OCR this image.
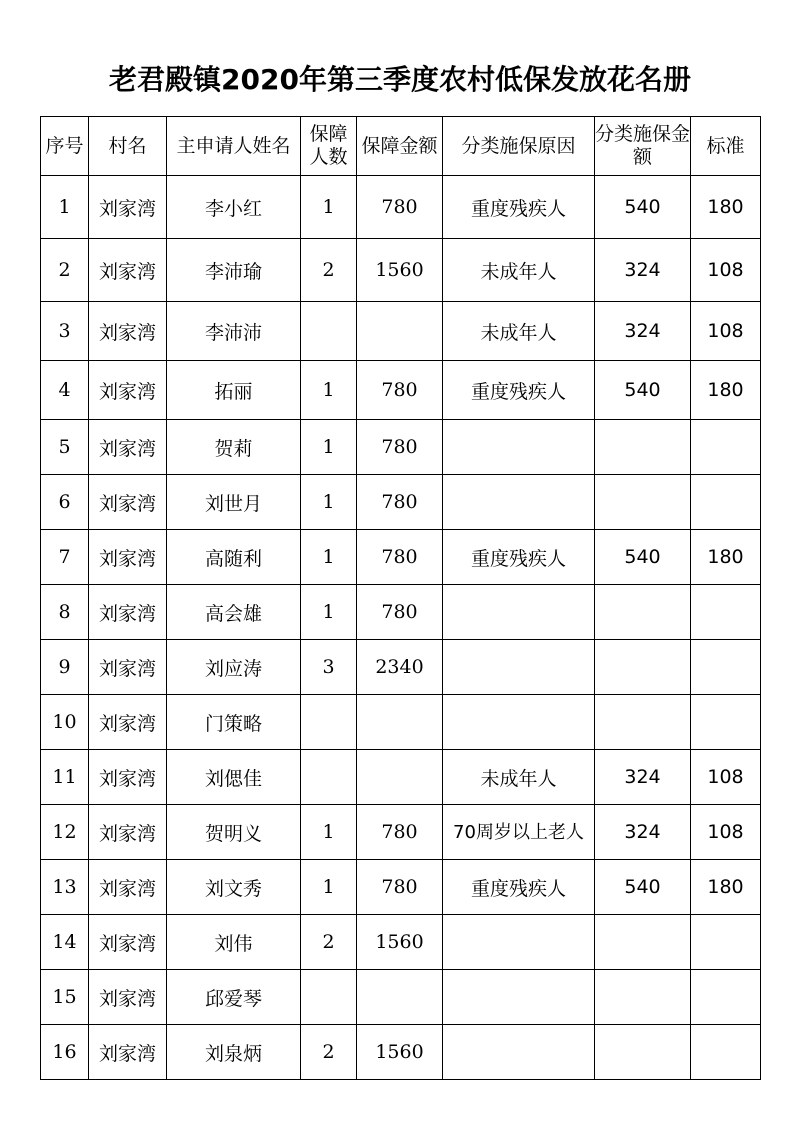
老君殿镇2020年第三季度农村低保发放花名册
序号	村名	主申请人姓名	保障人数	保障金额	分类施保原因	分类施保金额	标准
1	刘家湾	李小红	1	780	重度残疾人	540	180
2	刘家湾	李沛瑜	2	1560	未成年人	324	108
3	刘家湾	李沛沛			未成年人	324	108
4	刘家湾	拓丽	1	780	重度残疾人	540	180
5	刘家湾	贺莉	1	780			
6	刘家湾	刘世月	1	780			
7	刘家湾	高随利	1	780	重度残疾人	540	180
8	刘家湾	高会雄	1	780			
9	刘家湾	刘应涛	3	2340			
10	刘家湾	门策略					
11	刘家湾	刘偲佳			未成年人	324	108
12	刘家湾	贺明义	1	780	70周岁以上老人	324	108
13	刘家湾	刘文秀	1	780	重度残疾人	540	180
14	刘家湾	刘伟	2	1560			
15	刘家湾	邱爱琴					
16	刘家湾	刘泉炳	2	1560			
